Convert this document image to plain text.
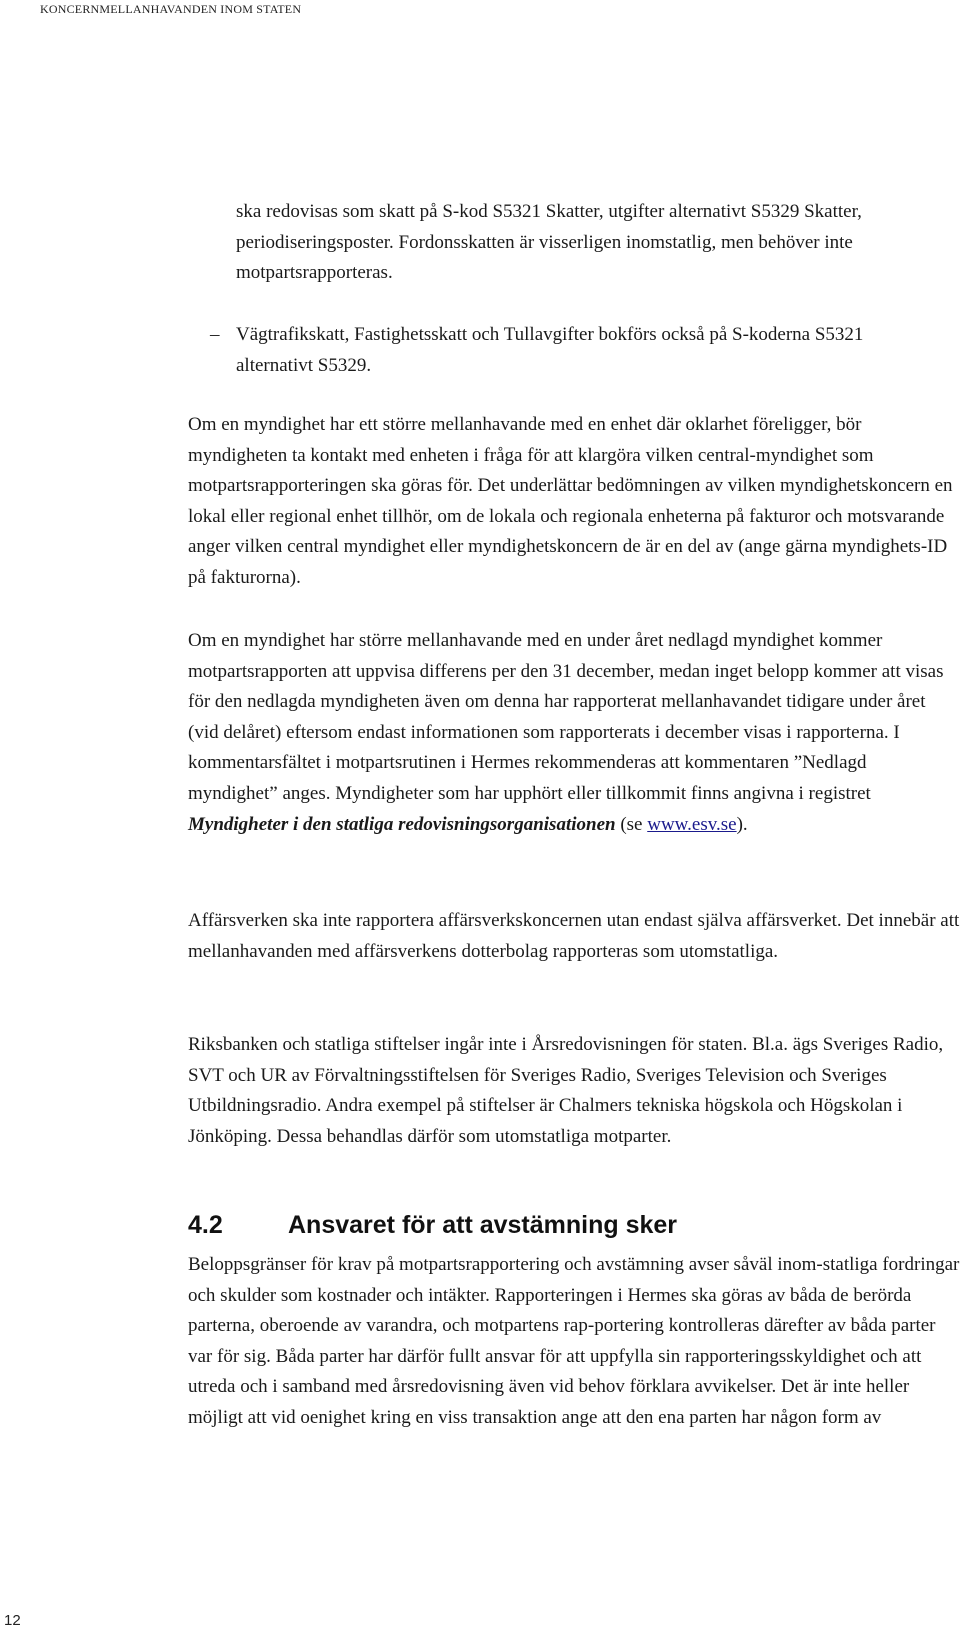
KONCERNMELLANHAVANDEN INOM STATEN

ska redovisas som skatt på S-kod S5321 Skatter, utgifter alternativt S5329 Skatter, periodiseringsposter. Fordonsskatten är visserligen inomstatlig, men behöver inte motpartsrapporteras.

– Vägtrafikskatt, Fastighetsskatt och Tullavgifter bokförs också på S-koderna S5321 alternativt S5329.

Om en myndighet har ett större mellanhavande med en enhet där oklarhet föreligger, bör myndigheten ta kontakt med enheten i fråga för att klargöra vilken central-myndighet som motpartsrapporteringen ska göras för. Det underlättar bedömningen av vilken myndighetskoncern en lokal eller regional enhet tillhör, om de lokala och regionala enheterna på fakturor och motsvarande anger vilken central myndighet eller myndighetskoncern de är en del av (ange gärna myndighets-ID på fakturorna).

Om en myndighet har större mellanhavande med en under året nedlagd myndighet kommer motpartsrapporten att uppvisa differens per den 31 december, medan inget belopp kommer att visas för den nedlagda myndigheten även om denna har rapporterat mellanhavandet tidigare under året (vid delåret) eftersom endast informationen som rapporterats i december visas i rapporterna. I kommentarsfältet i motpartsrutinen i Hermes rekommenderas att kommentaren ”Nedlagd myndighet” anges. Myndigheter som har upphört eller tillkommit finns angivna i registret Myndigheter i den statliga redovisningsorganisationen (se www.esv.se).

Affärsverken ska inte rapportera affärsverkskoncernen utan endast själva affärsverket. Det innebär att mellanhavanden med affärsverkens dotterbolag rapporteras som utomstatliga.

Riksbanken och statliga stiftelser ingår inte i Årsredovisningen för staten. Bl.a. ägs Sveriges Radio, SVT och UR av Förvaltningsstiftelsen för Sveriges Radio, Sveriges Television och Sveriges Utbildningsradio. Andra exempel på stiftelser är Chalmers tekniska högskola och Högskolan i Jönköping. Dessa behandlas därför som utomstatliga motparter.

4.2	Ansvaret för att avstämning sker

Beloppsgränser för krav på motpartsrapportering och avstämning avser såväl inom-statliga fordringar och skulder som kostnader och intäkter. Rapporteringen i Hermes ska göras av båda de berörda parterna, oberoende av varandra, och motpartens rap-portering kontrolleras därefter av båda parter var för sig. Båda parter har därför fullt ansvar för att uppfylla sin rapporteringsskyldighet och att utreda och i samband med årsredovisning även vid behov förklara avvikelser. Det är inte heller möjligt att vid oenighet kring en viss transaktion ange att den ena parten har någon form av

12
